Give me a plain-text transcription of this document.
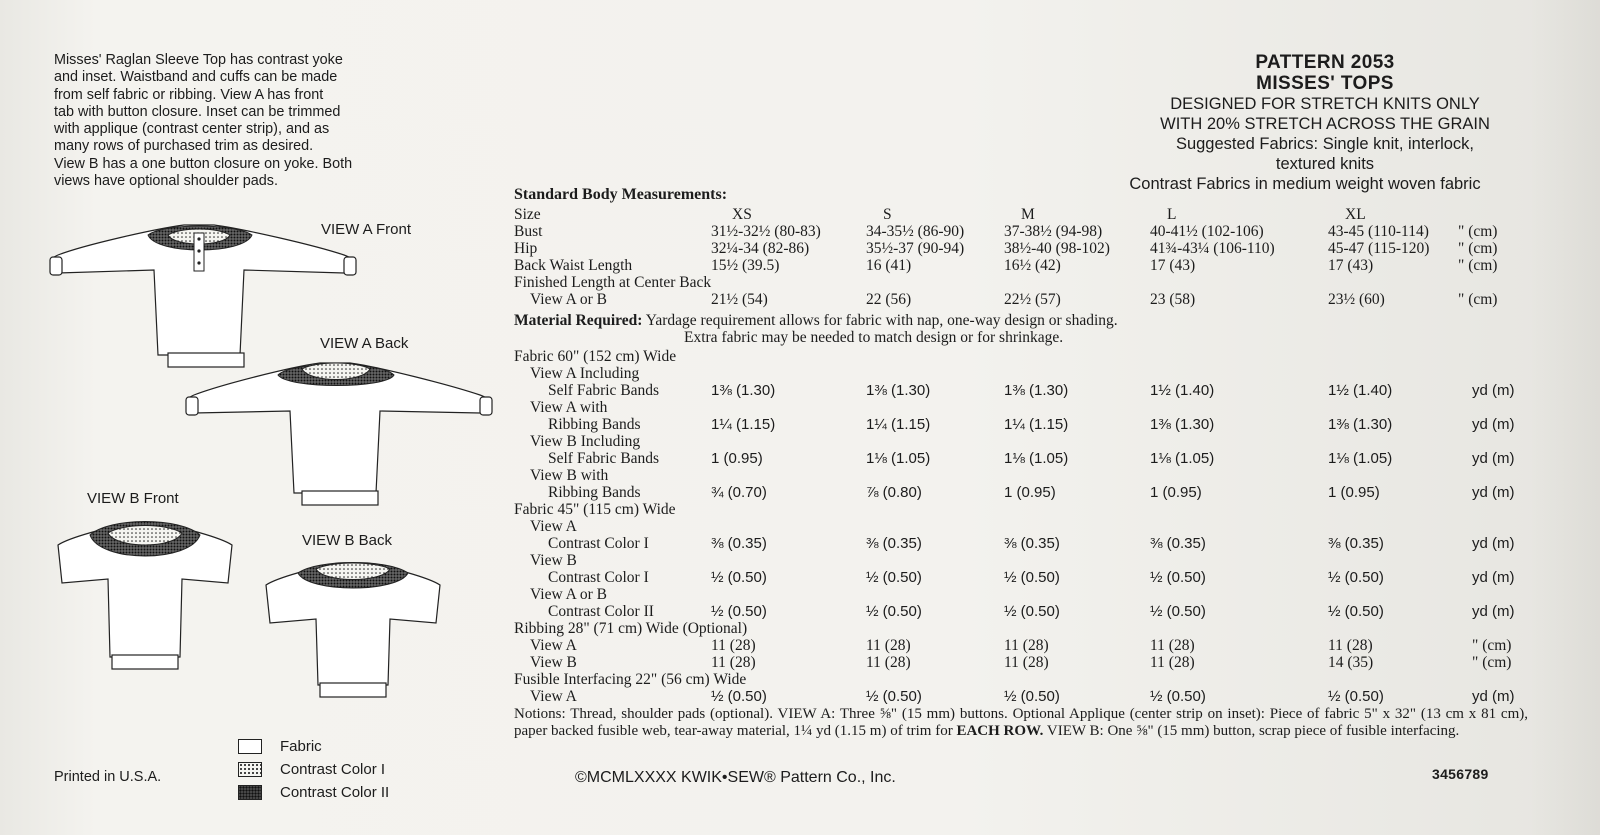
Misses' Raglan Sleeve Top has contrast yoke
and inset. Waistband and cuffs can be made
from self fabric or ribbing. View A has front
tab with button closure. Inset can be trimmed
with applique (contrast center strip), and as
many rows of purchased trim as desired.
View B has a one button closure on yoke. Both
views have optional shoulder pads.
VIEW A Front
VIEW A Back
VIEW B Front
VIEW B Back
Fabric
Contrast Color I
Contrast Color II
Printed in U.S.A.
PATTERN 2053
MISSES' TOPS
DESIGNED FOR STRETCH KNITS ONLY
WITH 20% STRETCH ACROSS THE GRAIN
Suggested Fabrics: Single knit, interlock,
textured knits
Contrast Fabrics in medium weight woven fabric
Standard Body Measurements:
Size	XS	S	M	L	XL
Bust	31½-32½ (80-83)	34-35½ (86-90)	37-38½ (94-98)	40-41½ (102-106)	43-45 (110-114) " (cm)
Hip	32¼-34 (82-86)	35½-37 (90-94)	38½-40 (98-102)	41¾-43¼ (106-110)	45-47 (115-120) " (cm)
Back Waist Length	15½ (39.5)	16 (41)	16½ (42)	17 (43)	17 (43)	" (cm)
Finished Length at Center Back
View A or B	21½ (54)	22 (56)	22½ (57)	23 (58)	23½ (60)	" (cm)
Material Required: Yardage requirement allows for fabric with nap, one-way design or shading.
Extra fabric may be needed to match design or for shrinkage.
Fabric 60" (152 cm) Wide
View A Including
Self Fabric Bands	1⅜ (1.30)	1⅜ (1.30)	1⅜ (1.30)	1½ (1.40)	1½ (1.40)	yd (m)
View A with
Ribbing Bands	1¼ (1.15)	1¼ (1.15)	1¼ (1.15)	1⅜ (1.30)	1⅜ (1.30)	yd (m)
View B Including
Self Fabric Bands	1 (0.95)	1⅛ (1.05)	1⅛ (1.05)	1⅛ (1.05)	1⅛ (1.05)	yd (m)
View B with
Ribbing Bands	¾ (0.70)	⅞ (0.80)	1 (0.95)	1 (0.95)	1 (0.95)	yd (m)
Fabric 45" (115 cm) Wide
View A
Contrast Color I	⅜ (0.35)	⅜ (0.35)	⅜ (0.35)	⅜ (0.35)	⅜ (0.35)	yd (m)
View B
Contrast Color I	½ (0.50)	½ (0.50)	½ (0.50)	½ (0.50)	½ (0.50)	yd (m)
View A or B
Contrast Color II	½ (0.50)	½ (0.50)	½ (0.50)	½ (0.50)	½ (0.50)	yd (m)
Ribbing 28" (71 cm) Wide (Optional)
View A	11 (28)	11 (28)	11 (28)	11 (28)	11 (28)	" (cm)
View B	11 (28)	11 (28)	11 (28)	11 (28)	14 (35)	" (cm)
Fusible Interfacing 22" (56 cm) Wide
View A	½ (0.50)	½ (0.50)	½ (0.50)	½ (0.50)	½ (0.50)	yd (m)
Notions: Thread, shoulder pads (optional). VIEW A: Three ⅝" (15 mm) buttons. Optional Applique (center strip on inset): Piece of fabric 5" x 32" (13 cm x 81 cm), paper backed fusible web, tear-away material, 1¼ yd (1.15 m) of trim for EACH ROW. VIEW B: One ⅝" (15 mm) button, scrap piece of fusible interfacing.
©MCMLXXXX KWIK•SEW® Pattern Co., Inc.	3456789
